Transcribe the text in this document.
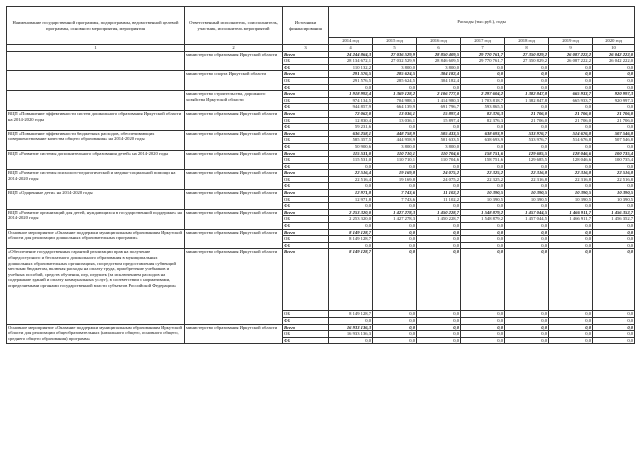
Наименование государственной программы, подпрограммы, ведомственной целевой программы, основного мероприятия, мероприятия	Ответственный исполнитель, соисполнитель, участник, исполнитель мероприятий	Источники финансирования	Расходы (тыс.руб.), годы						
			2014 год	2015 год	2016 год	2017 год	2018 год	2019 год	2020 год
1	2	3	4	5	6	7	8	9	10
	министерство образования Иркутской области	Всего	24 244 864,3	27 036 529,9	28 850 409,5	29 770 761,7	27 350 829,2	26 087 222,2	26 042 222,0
		ОБ	28 134 672,1	27 032 529,9	28 846 609,5	29 770 761,7	27 350 829,2	26 087 222,2	26 042 222,0
		ФБ	110 132,2	3 800,0	3 800,0	0,0	0,0	0,0	0,0
	министерство спорта Иркутской области	Всего	291 576,5	285 624,5	304 182,4	0,0	0,0	0,0	0,0
		ОБ	291 576,5	285 624,5	304 182,4	0,0	0,0	0,0	0,0
		ФБ	0,0	0,0	0,0	0,0	0,0	0,0	0,0
	министерство строительства, дорожного хозяйства Иркутской области	Всего	1 918 992,4	1 369 128,2	2 106 777,0	2 297 604,2	1 382 847,8	665 933,7	920 997,3
		ОБ	974 134,5	704 988,3	1 414 980,3	1 703 818,7	1 382 847,8	665 933,7	920 997,3
		ФБ	944 857,9	664 139,9	691 796,7	593 865,5	0,0	0,0	0,0
ВЦП «Повышение эффективности систем дошкольного образования Иркутской области на 2014-2020 годы	министерство образования Иркутской области	Всего	72 062,0	13 036,1	15 897,4	82 376,3	21 706,0	21 706,0	21 706,0
		ОБ	12 830,4	13 036,1	15 897,4	82 376,3	21 706,0	21 706,0	21 706,0
		ФБ	59 231,6	0,0	0,0	0,0	0,0	0,0	0,0
ВЦП «Повышение эффективности бюджетных расходов, обеспечивающих совершенствование качества общего образования» на 2014-2020 годы	министерство образования Иркутской области	Всего	636 258,1	448 758,9	505 433,5	638 693,9	533 976,7	514 676,8	507 546,8
		ОБ	585 357,5	444 958,9	501 633,5	638 693,9	533 976,7	514 676,8	507 546,8
		ФБ	50 900,6	3 800,0	3 800,0	0,0	0,0	0,0	0,0
ВЦП «Развитие системы дополнительного образования детей» на 2014-2020 годы	министерство образования Иркутской области	Всего	115 531,0	110 710,1	110 704,6	158 751,6	129 685,5	128 046,6	100 735,4
		ОБ	115 531,0	110 710,1	110 704,6	158 751,6	129 685,5	128 046,6	100 735,4
		ФБ	0,0	0,0	0,0	0,0	0,0	0,0	0,0
ВЦП «Развитие системы психолого-педагогической и медико-социальной помощи на 2014-2020 годы	министерство образования Иркутской области	Всего	22 516,4	19 169,8	24 075,2	22 325,2	22 316,8	22 316,8	22 516,8
		ОБ	22 516,4	19 169,8	24 075,2	22 325,2	22 316,8	22 316,8	22 516,8
		ФБ	0,0	0,0	0,0	0,0	0,0	0,0	0,0
ВЦП «Одаренные дети» на 2014-2020 годы	министерство образования Иркутской области	Всего	12 971,8	7 743,6	11 102,2	10 390,5	10 390,5	10 390,5	10 390,5
		ОБ	12 971,8	7 743,6	11 102,2	10 390,5	10 390,5	10 390,5	10 390,5
		ФБ	0,0	0,0	0,0	0,0	0,0	0,0	0,0
ВЦП «Развитие организаций для детей, нуждающихся в государственной поддержке» на 2014-2020 годы	министерство образования Иркутской области	Всего	2 253 320,0	1 427 278,3	1 450 228,7	1 548 879,2	1 457 044,5	1 466 911,7	1 456 352,7
		ОБ	2 253 320,0	1 427 278,3	1 450 228,7	1 548 879,2	1 457 044,5	1 466 911,7	1 456 352,7
		ФБ	0,0	0,0	0,0	0,0	0,0	0,0	0,0
Основное мероприятие «Оказание поддержки муниципальным образованиям Иркутской области для реализации дошкольных образовательных программ»	министерство образования Иркутской области	Всего	8 149 128,7	0,0	0,0	0,0	0,0	0,0	0,0
		ОБ	8 149 128,7	0,0	0,0	0,0	0,0	0,0	0,0
		ФБ	0,0	0,0	0,0	0,0	0,0	0,0	0,0
«Обеспечение государственных гарантий реализации прав на получение общедоступного и бесплатного дошкольного образования в муниципальных дошкольных образовательных организациях, посредством предоставления субвенций местным бюджетам, включая расходы на оплату труда, приобретение учебников и учебных пособий, средств обучения, игр, игрушек (за исключением расходов на содержание зданий и оплату коммунальных услуг), в соответствии с нормативами, определяемыми органами государственной власти субъектов Российской Федерации»	министерство образования Иркутской области	Всего	8 149 128,7	0,0	0,0	0,0	0,0	0,0	0,0
		ОБ	8 149 128,7	0,0	0,0	0,0	0,0	0,0	0,0
		ФБ	0,0	0,0	0,0	0,0	0,0	0,0	0,0
Основное мероприятие «Оказание поддержки муниципальным образованиям Иркутской области для реализации общеобразовательных (начального общего, основного общего, среднего общего образования) программ»	министерство образования Иркутской области	Всего	16 933 136,3	0,0	0,0	0,0	0,0	0,0	0,0
		ОБ	16 933 136,3	0,0	0,0	0,0	0,0	0,0	0,0
		ФБ	0,0	0,0	0,0	0,0	0,0	0,0	0,0
